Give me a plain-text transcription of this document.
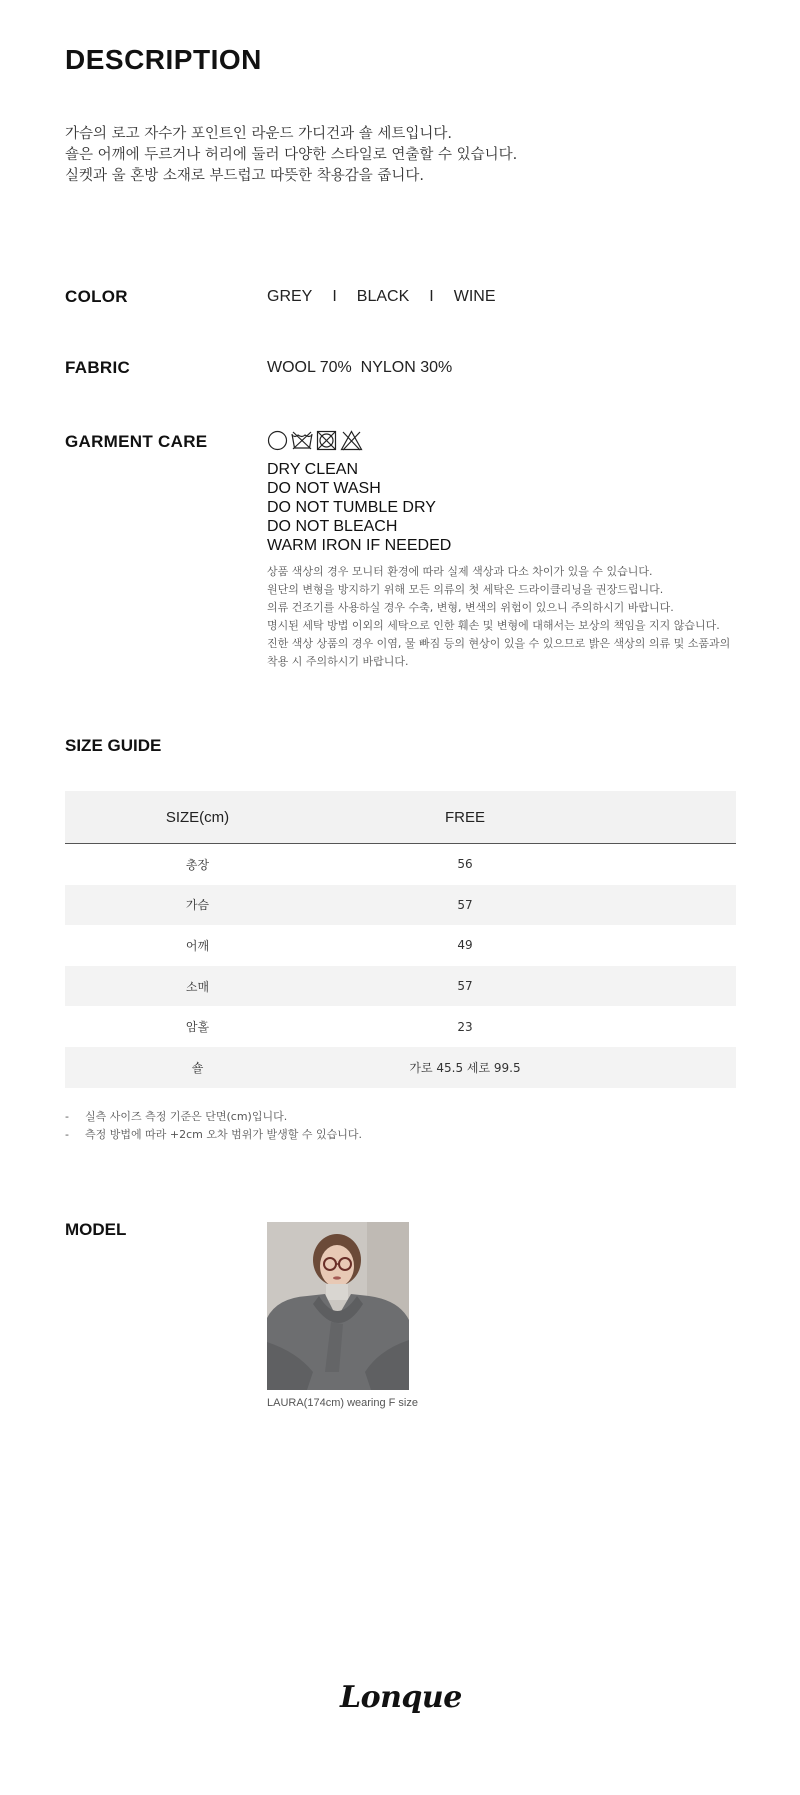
DESCRIPTION
가슴의 로고 자수가 포인트인 라운드 가디건과 숄 세트입니다.
숄은 어깨에 두르거나 허리에 둘러 다양한 스타일로 연출할 수 있습니다.
실켓과 울 혼방 소재로 부드럽고 따뜻한 착용감을 줍니다.
COLOR	GREY I BLACK I WINE
FABRIC	WOOL 70%  NYLON 30%
GARMENT CARE
DRY CLEAN
DO NOT WASH
DO NOT TUMBLE DRY
DO NOT BLEACH
WARM IRON IF NEEDED
상품 색상의 경우 모니터 환경에 따라 실제 색상과 다소 차이가 있을 수 있습니다.
원단의 변형을 방지하기 위해 모든 의류의 첫 세탁은 드라이클리닝을 권장드립니다.
의류 건조기를 사용하실 경우 수축, 변형, 변색의 위험이 있으니 주의하시기 바랍니다.
명시된 세탁 방법 이외의 세탁으로 인한 훼손 및 변형에 대해서는 보상의 책임을 지지 않습니다.
진한 색상 상품의 경우 이염, 물 빠짐 등의 현상이 있을 수 있으므로 밝은 색상의 의류 및 소품과의
착용 시 주의하시기 바랍니다.
SIZE GUIDE
SIZE(cm)	FREE
총장	56
가슴	57
어깨	49
소매	57
암홀	23
숄	가로 45.5 세로 99.5
-	실측 사이즈 측정 기준은 단면(cm)입니다.
-	측정 방법에 따라 +2cm 오차 범위가 발생할 수 있습니다.
MODEL
LAURA(174cm) wearing F size
Lonque
